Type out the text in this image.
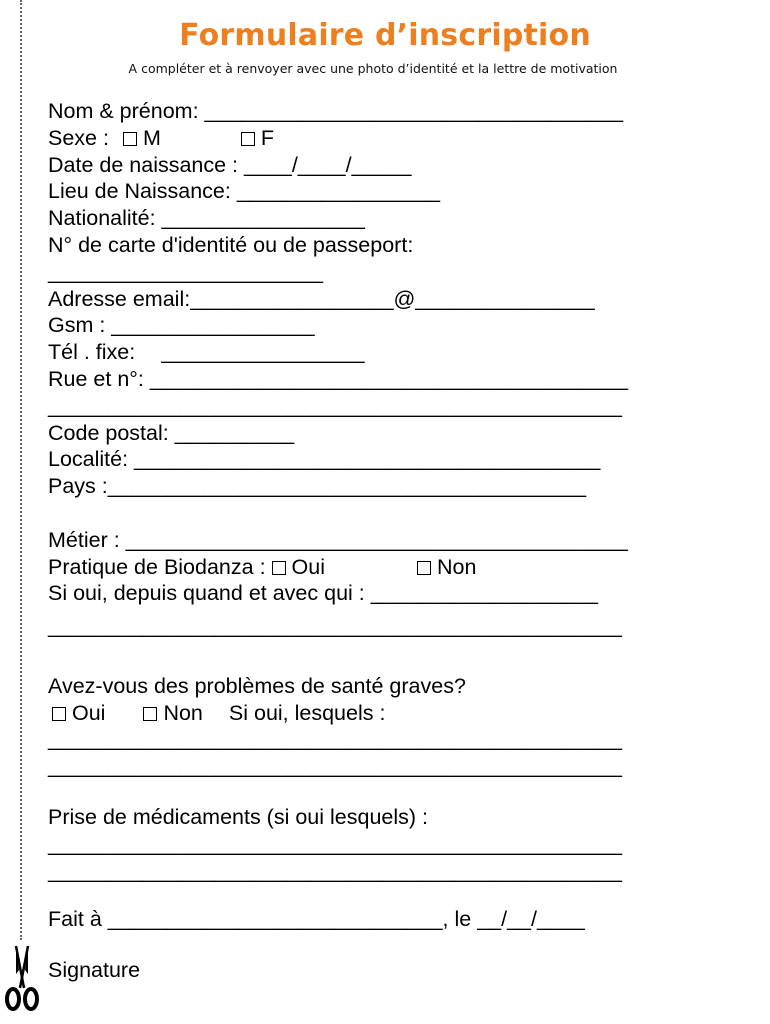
Formulaire d’inscription
A compléter et à renvoyer avec une photo d’identité et la lettre de motivation
Nom & prénom: ___________________________________
Sexe : M	F
Date de naissance : ____/____/_____
Lieu de Naissance: _________________
Nationalité: _________________
N° de carte d'identité ou de passeport:
_______________________
Adresse email:_________________@_______________
Gsm : _________________
Tél . fixe: _________________
Rue et n°: ________________________________________
________________________________________________
Code postal: __________
Localité: _______________________________________
Pays :________________________________________
Métier : __________________________________________
Pratique de Biodanza : Oui	Non
Si oui, depuis quand et avec qui : ___________________
________________________________________________
Avez-vous des problèmes de santé graves?
Oui	Non Si oui, lesquels :
________________________________________________
________________________________________________
Prise de médicaments (si oui lesquels) :
________________________________________________
________________________________________________
Fait à ____________________________, le __/__/____
Signature
